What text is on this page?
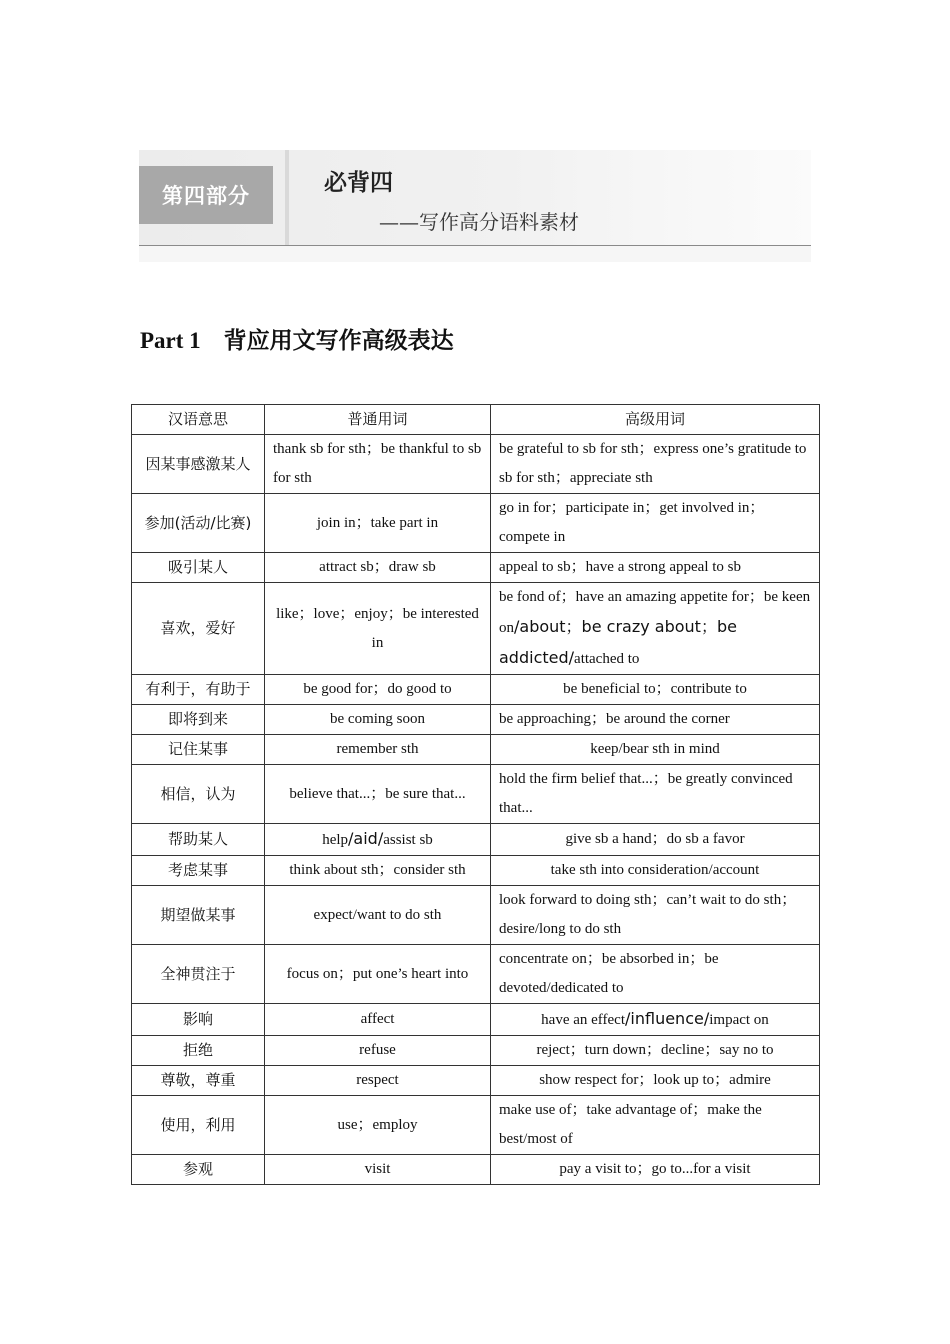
第四部分	必背四
——写作高分语料素材
Part 1 背应用文写作高级表达
汉语意思	普通用词	高级用词
因某事感激某人	thank sb for sth；be thankful to sb for sth	be grateful to sb for sth；express one’s gratitude to sb for sth；appreciate sth
参加(活动/比赛)	join in；take part in	go in for；participate in；get involved in；compete in
吸引某人	attract sb；draw sb	appeal to sb；have a strong appeal to sb
喜欢，爱好	like；love；enjoy；be interested in	be fond of；have an amazing appetite for；be keen on/about；be crazy about；be addicted/attached to
有利于，有助于	be good for；do good to	be beneficial to；contribute to
即将到来	be coming soon	be approaching；be around the corner
记住某事	remember sth	keep/bear sth in mind
相信，认为	believe that...；be sure that...	hold the firm belief that...；be greatly convinced that...
帮助某人	help/aid/assist sb	give sb a hand；do sb a favor
考虑某事	think about sth；consider sth	take sth into consideration/account
期望做某事	expect/want to do sth	look forward to doing sth；can’t wait to do sth；desire/long to do sth
全神贯注于	focus on；put one’s heart into	concentrate on；be absorbed in；be devoted/dedicated to
影响	affect	have an effect/influence/impact on
拒绝	refuse	reject；turn down；decline；say no to
尊敬，尊重	respect	show respect for；look up to；admire
使用，利用	use；employ	make use of；take advantage of；make the best/most of
参观	visit	pay a visit to；go to...for a visit
